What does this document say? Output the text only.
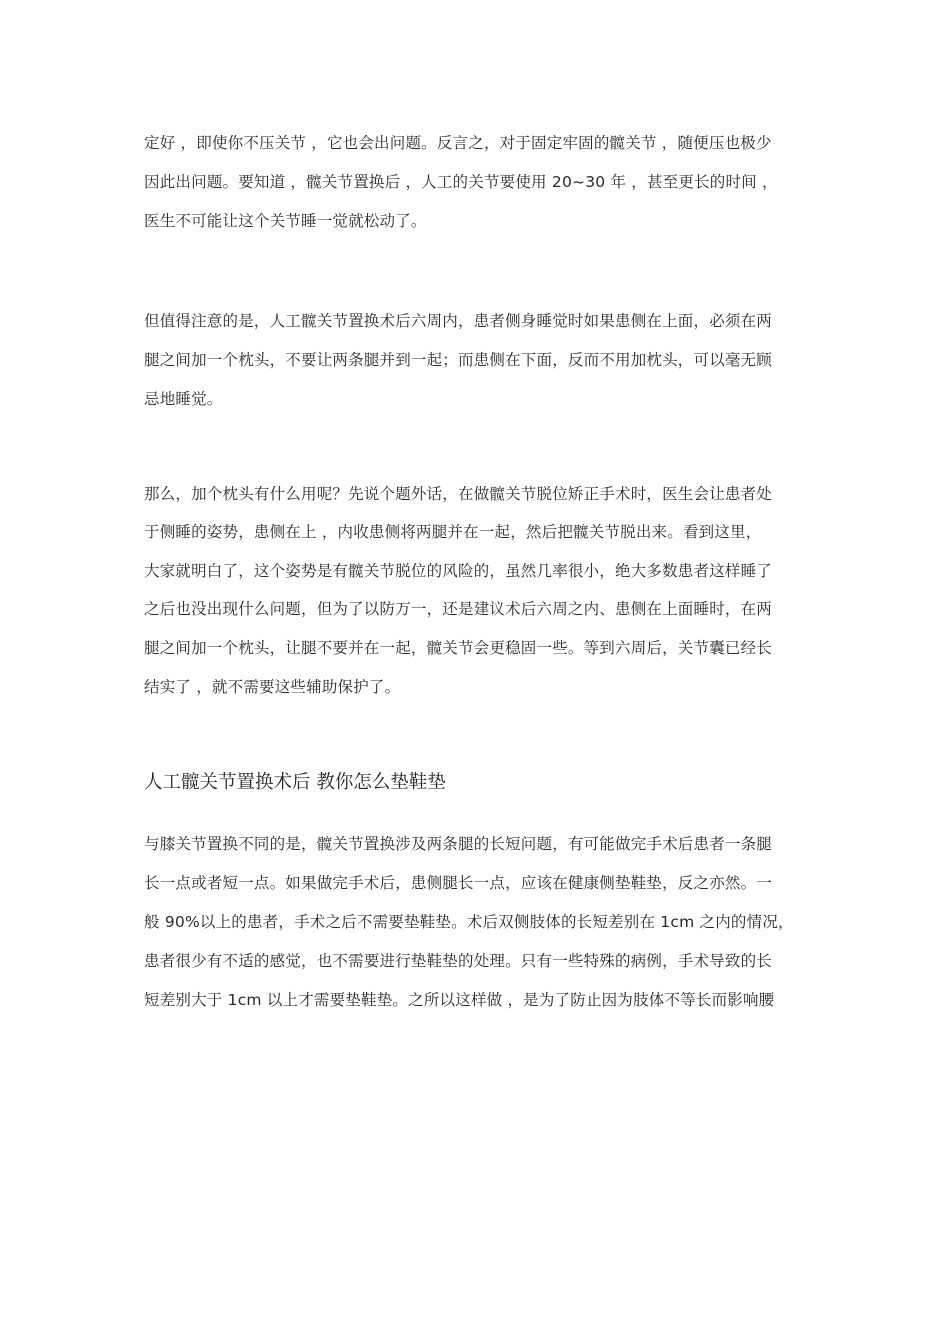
定好 ，即使你不压关节 ，它也会出问题。反言之，对于固定牢固的髋关节 ，随便压也极少
因此出问题。要知道 ，髋关节置换后 ，人工的关节要使用 20~30 年 ，甚至更长的时间 ，
医生不可能让这个关节睡一觉就松动了。
但值得注意的是，人工髋关节置换术后六周内，患者侧身睡觉时如果患侧在上面，必须在两
腿之间加一个枕头，不要让两条腿并到一起；而患侧在下面，反而不用加枕头，可以毫无顾
忌地睡觉。
那么，加个枕头有什么用呢？先说个题外话，在做髋关节脱位矫正手术时，医生会让患者处
于侧睡的姿势，患侧在上 ，内收患侧将两腿并在一起，然后把髋关节脱出来。看到这里，
大家就明白了，这个姿势是有髋关节脱位的风险的，虽然几率很小，绝大多数患者这样睡了
之后也没出现什么问题，但为了以防万一，还是建议术后六周之内、患侧在上面睡时，在两
腿之间加一个枕头，让腿不要并在一起，髋关节会更稳固一些。等到六周后，关节囊已经长
结实了 ，就不需要这些辅助保护了。
人工髋关节置换术后 教你怎么垫鞋垫
与膝关节置换不同的是，髋关节置换涉及两条腿的长短问题，有可能做完手术后患者一条腿
长一点或者短一点。如果做完手术后，患侧腿长一点，应该在健康侧垫鞋垫，反之亦然。一
般 90%以上的患者，手术之后不需要垫鞋垫。术后双侧肢体的长短差别在 1cm 之内的情况，
患者很少有不适的感觉，也不需要进行垫鞋垫的处理。只有一些特殊的病例，手术导致的长
短差别大于 1cm 以上才需要垫鞋垫。之所以这样做 ，是为了防止因为肢体不等长而影响腰
